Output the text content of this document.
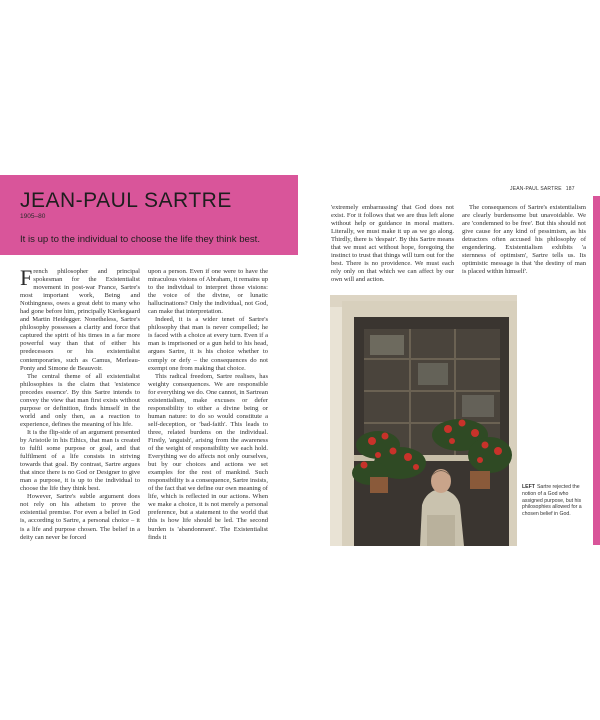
JEAN-PAUL SARTRE
1905–80
It is up to the individual to choose the life they think best.
JEAN-PAUL SARTRE 187

French philosopher and principal spokesman for the Existentialist movement in post-war France, Sartre's most important work, Being and Nothingness, owes a great debt to many who had gone before him, principally Kierkegaard and Martin Heidegger. Nonetheless, Sartre's philosophy possesses a clarity and force that captured the spirit of his times in a far more powerful way than that of either his predecessors or his existentialist contemporaries, such as Camus, Merleau-Ponty and Simone de Beauvoir.

The central theme of all existentialist philosophies is the claim that 'existence precedes essence'. By this Sartre intends to convey the view that man first exists without purpose or definition, finds himself in the world and only then, as a reaction to experience, defines the meaning of his life.

It is the flip-side of an argument presented by Aristotle in his Ethics, that man is created to fulfil some purpose or goal, and that fulfilment of a life consists in striving towards that goal. By contrast, Sartre argues that since there is no God or Designer to give man a purpose, it is up to the individual to choose the life they think best.

However, Sartre's subtle argument does not rely on his atheism to prove the existential premise. For even a belief in God is, according to Sartre, a personal choice – it is a life and purpose chosen. The belief in a deity can never be forced

upon a person. Even if one were to have the miraculous visions of Abraham, it remains up to the individual to interpret those visions: the voice of the divine, or lunatic hallucinations? Only the individual, not God, can make that interpretation.

Indeed, it is a wider tenet of Sartre's philosophy that man is never compelled; he is faced with a choice at every turn. Even if a man is imprisoned or a gun held to his head, argues Sartre, it is his choice whether to comply or defy – the consequences do not exempt one from making that choice.

This radical freedom, Sartre realises, has weighty consequences. We are responsible for everything we do. One cannot, in Sartrean existentialism, make excuses or defer responsibility to either a divine being or human nature: to do so would constitute a self-deception, or 'bad-faith'. This leads to three, related burdens on the individual. Firstly, 'anguish', arising from the awareness of the weight of responsibility we each hold. Everything we do affects not only ourselves, but by our choices and actions we set examples for the rest of mankind. Such responsibility is a consequence, Sartre insists, of the fact that we define our own meaning of life, which is reflected in our actions. When we make a choice, it is not merely a personal preference, but a statement to the world that this is how life should be led. The second burden is 'abandonment'. The Existentialist finds it

'extremely embarrassing' that God does not exist. For it follows that we are thus left alone without help or guidance in moral matters. Literally, we must make it up as we go along. Thirdly, there is 'despair'. By this Sartre means that we must act without hope, foregoing the instinct to trust that things will turn out for the best. There is no providence. We must each rely only on that which we can affect by our own will and action.

The consequences of Sartre's existentialism are clearly burdensome but unavoidable. We are 'condemned to be free'. But this should not give cause for any kind of pessimism, as his detractors often accused his philosophy of engendering. Existentialism exhibits 'a sternness of optimism', Sartre tells us. Its optimistic message is that 'the destiny of man is placed within himself'.

LEFT Sartre rejected the notion of a God who assigned purpose, but his philosophies allowed for a chosen belief in God.
